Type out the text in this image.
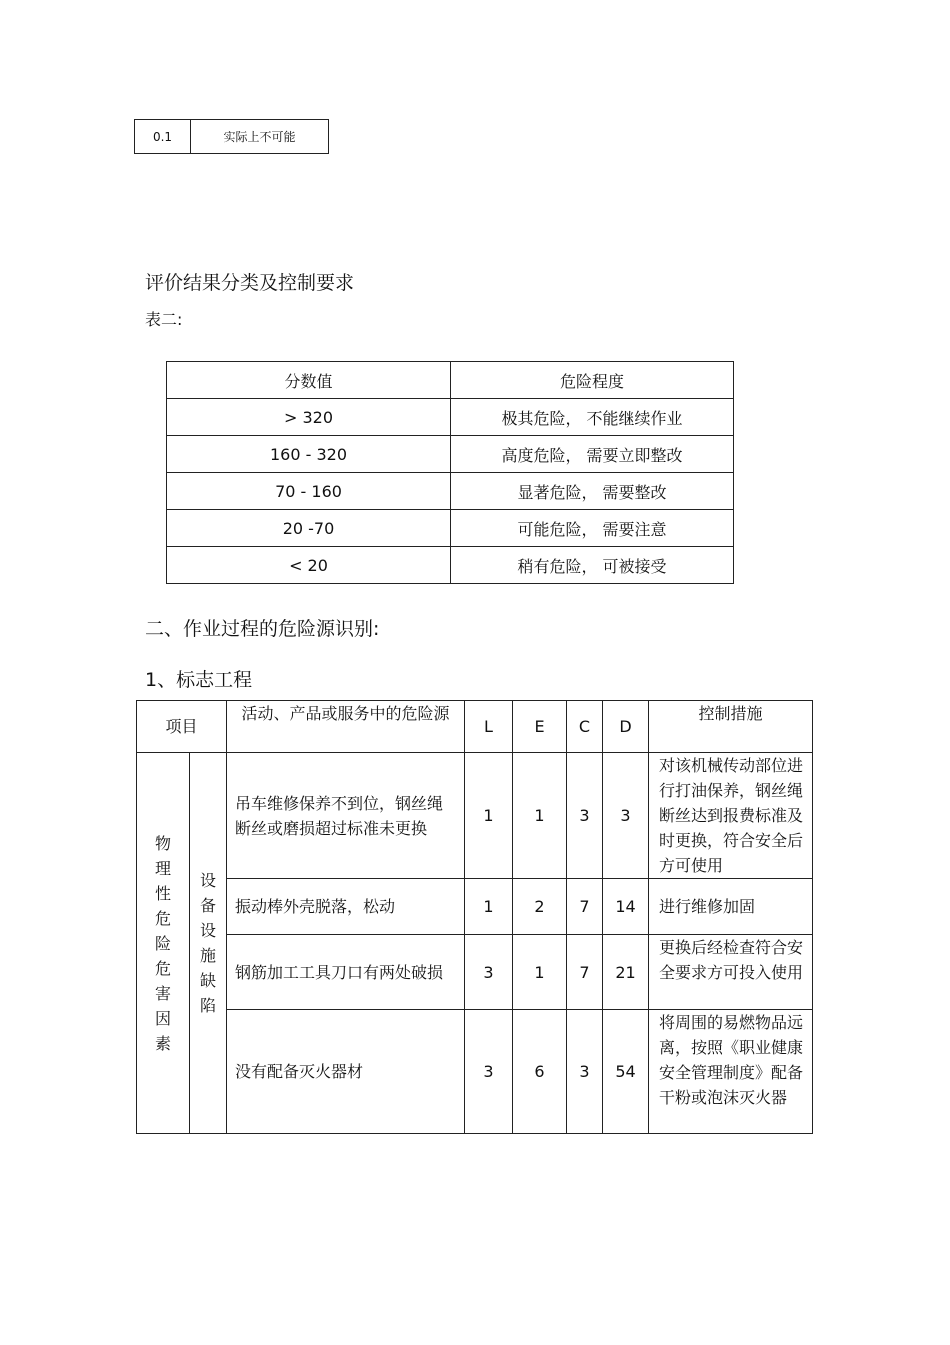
0.1	实际上不可能
评价结果分类及控制要求
表二:
分数值	危险程度
> 320	极其危险， 不能继续作业
160 - 320	高度危险， 需要立即整改
70 - 160	显著危险， 需要整改
20 -70	可能危险， 需要注意
< 20	稍有危险， 可被接受
二、作业过程的危险源识别:
1、标志工程
项目		活动、产品或服务中的危险源	L	E	C	D	控制措施

物理性危险危害因素	设备设施缺陷	吊车维修保养不到位，钢丝绳断丝或磨损超过标准未更换	1	1	3	3	对该机械传动部位进行打油保养，钢丝绳断丝达到报费标准及时更换，符合安全后方可使用
		振动棒外壳脱落，松动	1	2	7	14	进行维修加固
		钢筋加工工具刀口有两处破损	3	1	7	21	更换后经检查符合安全要求方可投入使用
		没有配备灭火器材	3	6	3	54	将周围的易燃物品远离，按照《职业健康安全管理制度》配备干粉或泡沫灭火器
